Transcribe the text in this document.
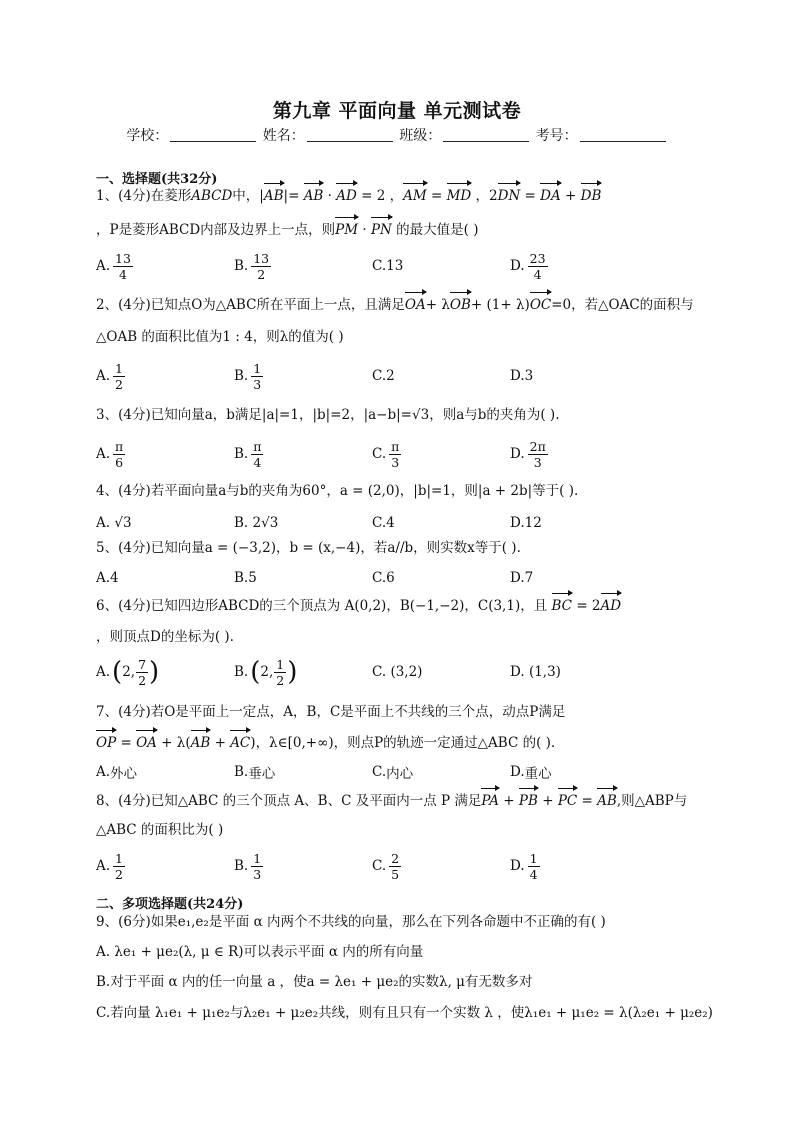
第九章 平面向量 单元测试卷
学校：	姓名：	班级：	考号：
一、选择题(共32分)
1、(4分)在菱形ABCD中，|AB|= AB · AD = 2 ，AM = MD ，2DN = DA + DB
，P是菱形ABCD内部及边界上一点，则PM · PN 的最大值是( )
A. $\frac{13}{4}$	B. $\frac{13}{2}$	C. 13	D. $\frac{23}{4}$
2、(4分)已知点O为△ABC所在平面上一点，且满足OA+ λOB+ (1+ λ)OC=0，若△OAC的面积与
△OAB 的面积比值为1 : 4，则λ的值为( )
A. $\frac{1}{2}$	B. $\frac{1}{3}$	C. 2	D. 3
3、(4分)已知向量a，b满足|a|=1，|b|=2，|a−b|=√3，则a与b的夹角为( ).
A. $\frac{\pi}{6}$	B. $\frac{\pi}{4}$	C. $\frac{\pi}{3}$	D. $\frac{2\pi}{3}$
4、(4分)若平面向量a与b的夹角为60°，a = (2,0)，|b|=1，则|a + 2b|等于( ).
A.
√3	B.
2√3	C. 4	D. 12
5、(4分)已知向量a = (−3,2)，b = (x,−4)，若a//b，则实数x等于( ).
A. 4	B. 5	C. 6	D. 7
6、(4分)已知四边形ABCD的三个顶点为 A(0,2)，B(−1,−2)，C(3,1)，且 BC = 2AD
，则顶点D的坐标为( ).
A. ( 2, $\frac{7}{2}$ )	B. ( 2, $\frac{1}{2}$ )	C.
(3,2)	D.
(1,3)
7、(4分)若O是平面上一定点，A，B，C是平面上不共线的三个点，动点P满足
OP = OA + λ(AB + AC)，λ∈[0,+∞)，则点P的轨迹一定通过△ABC 的( ).
A. 外心	B. 垂心	C. 内心	D. 重心
8、(4分)已知△ABC 的三个顶点 A、B、C 及平面内一点 P 满足PA + PB + PC = AB,则△ABP与
△ABC 的面积比为( )
A. $\frac{1}{2}$	B. $\frac{1}{3}$	C. $\frac{2}{5}$	D. $\frac{1}{4}$
二、多项选择题(共24分)
9、(6分)如果e₁,e₂是平面 α 内两个不共线的向量，那么在下列各命题中不正确的有( )
A. λe₁ + μe₂(λ, μ ∈ R)可以表示平面 α 内的所有向量
B.对于平面 α 内的任一向量 a ，使a = λe₁ + μe₂的实数λ, μ有无数多对
C.若向量 λ₁e₁ + μ₁e₂与λ₂e₁ + μ₂e₂共线，则有且只有一个实数 λ ，使λ₁e₁ + μ₁e₂ = λ(λ₂e₁ + μ₂e₂)
